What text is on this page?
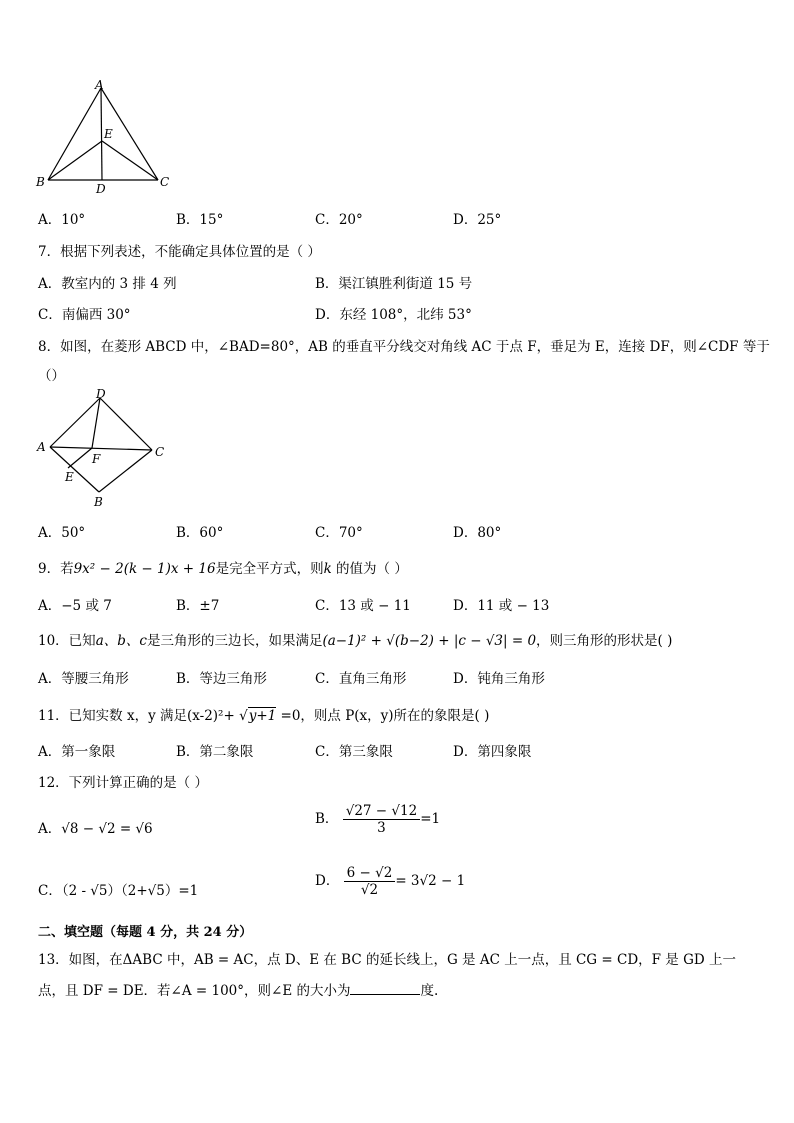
A
E
B	D	C
A．10°	B．15°	C．20°	D．25°
7．根据下列表述，不能确定具体位置的是（ ）
A．教室内的 3 排 4 列	B．渠江镇胜利街道 15 号
C．南偏西 30°	D．东经 108°，北纬 53°
8．如图，在菱形 ABCD 中，∠BAD=80°，AB 的垂直平分线交对角线 AC 于点 F，垂足为 E，连接 DF，则∠CDF 等于
（）
D
A	C
F
E
B
A．50°	B．60°	C．70°	D．80°
9．若9x² − 2(k − 1)x + 16是完全平方式，则k 的值为（ ）
A．−5 或 7	B．±7	C．13 或 − 11	D．11 或 − 13
10．已知a、b、c是三角形的三边长，如果满足(a−1)² + √(b−2) + |c − √3| = 0，则三角形的形状是( )
A．等腰三角形	B．等边三角形	C．直角三角形	D．钝角三角形
11．已知实数 x，y 满足(x-2)²+ √y+1 =0，则点 P(x，y)所在的象限是( )
A．第一象限	B．第二象限	C．第三象限	D．第四象限
12．下列计算正确的是（ ）
A．√8 − √2 = √6
B． $\frac{√27 - √12}{3} =1$
C．（2 - √5）（2+√5）=1
D． $\frac{6 - √2}{√2} = 3√2 - 1$
二、填空题（每题 4 分，共 24 分）
13．如图，在ΔABC 中，AB = AC，点 D、E 在 BC 的延长线上，G 是 AC 上一点，且 CG = CD，F 是 GD 上一
点，且 DF = DE．若∠A = 100°，则∠E 的大小为	度.
